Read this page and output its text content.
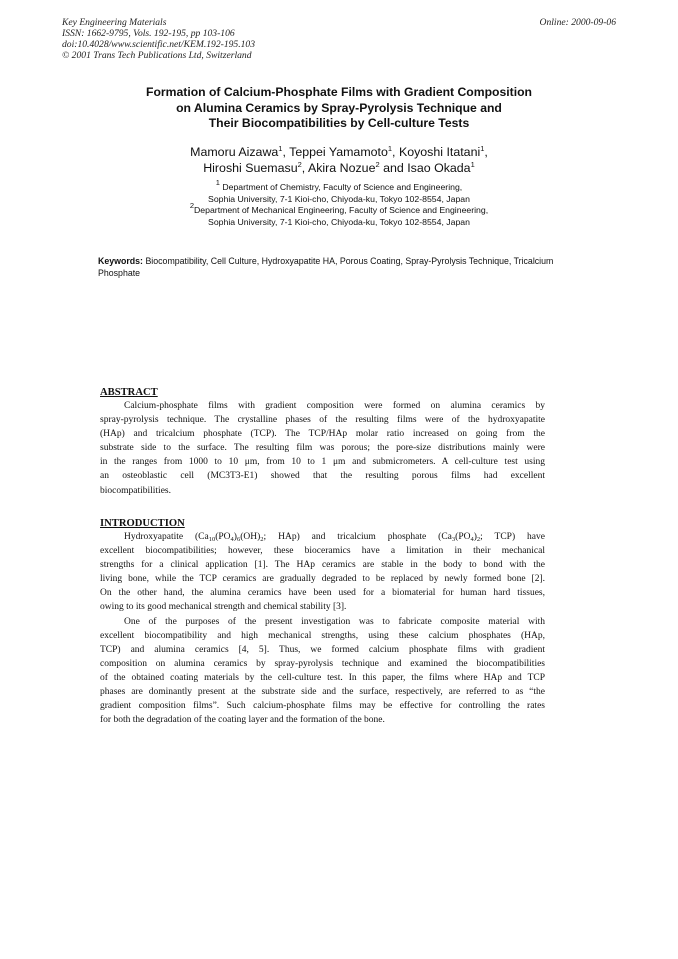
Key Engineering Materials
ISSN: 1662-9795, Vols. 192-195, pp 103-106
doi:10.4028/www.scientific.net/KEM.192-195.103
© 2001 Trans Tech Publications Ltd, Switzerland
Online: 2000-09-06
Formation of Calcium-Phosphate Films with Gradient Composition
on Alumina Ceramics by Spray-Pyrolysis Technique and
Their Biocompatibilities by Cell-culture Tests
Mamoru Aizawa$^1$, Teppei Yamamoto$^1$, Koyoshi Itatani$^1$,
Hiroshi Suemasu$^2$, Akira Nozue$^2$ and Isao Okada$^1$
$^1$ Department of Chemistry, Faculty of Science and Engineering,
Sophia University, 7-1 Kioi-cho, Chiyoda-ku, Tokyo 102-8554, Japan
$^2$Department of Mechanical Engineering, Faculty of Science and Engineering,
Sophia University, 7-1 Kioi-cho, Chiyoda-ku, Tokyo 102-8554, Japan
Keywords: Biocompatibility, Cell Culture, Hydroxyapatite HA, Porous Coating, Spray-Pyrolysis Technique, Tricalcium Phosphate
ABSTRACT
Calcium-phosphate films with gradient composition were formed on alumina ceramics by
spray-pyrolysis technique. The crystalline phases of the resulting films were of the hydroxyapatite
(HAp) and tricalcium phosphate (TCP). The TCP/HAp molar ratio increased on going from the
substrate side to the surface. The resulting film was porous; the pore-size distributions mainly were
in the ranges from 1000 to 10 μm, from 10 to 1 μm and submicrometers. A cell-culture test using
an osteoblastic cell (MC3T3-E1) showed that the resulting porous films had excellent
biocompatibilities.
INTRODUCTION
Hydroxyapatite ($Ca_{10}(PO_4)_6(OH)_2$; HAp) and tricalcium phosphate ($Ca_3(PO_4)_2$; TCP) have
excellent biocompatibilities; however, these bioceramics have a limitation in their mechanical
strengths for a clinical application [1]. The HAp ceramics are stable in the body to bond with the
living bone, while the TCP ceramics are gradually degraded to be replaced by newly formed bone [2].
On the other hand, the alumina ceramics have been used for a biomaterial for human hard tissues,
owing to its good mechanical strength and chemical stability [3].
One of the purposes of the present investigation was to fabricate composite material with
excellent biocompatibility and high mechanical strengths, using these calcium phosphates (HAp,
TCP) and alumina ceramics [4, 5]. Thus, we formed calcium phosphate films with gradient
composition on alumina ceramics by spray-pyrolysis technique and examined the biocompatibilities
of the obtained coating materials by the cell-culture test. In this paper, the films where HAp and TCP
phases are dominantly present at the substrate side and the surface, respectively, are referred to as “the
gradient composition films”. Such calcium-phosphate films may be effective for controlling the rates
for both the degradation of the coating layer and the formation of the bone.
